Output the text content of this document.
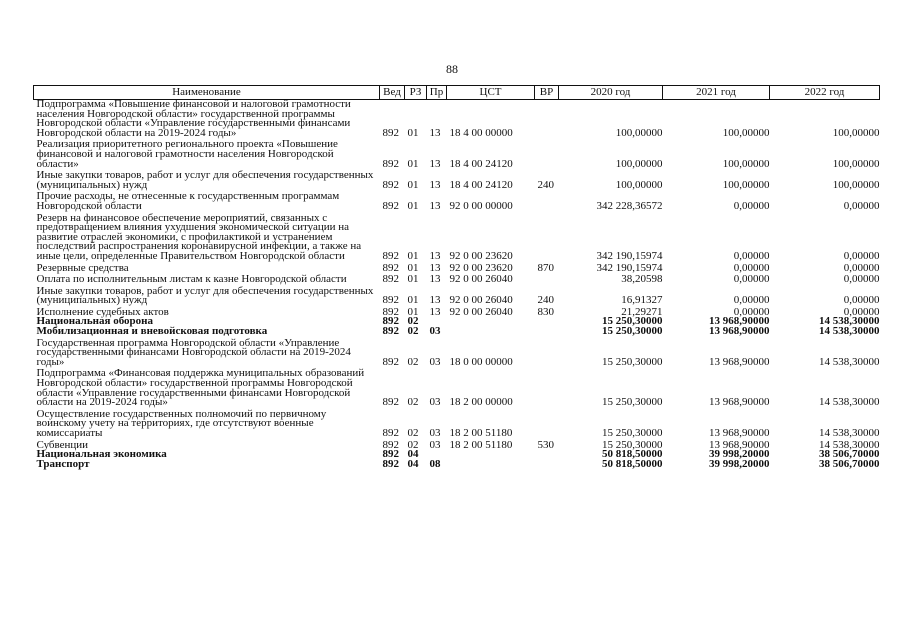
88
Наименование	Вед	РЗ	Пр	ЦСТ	ВР	2020 год	2021 год	2022 год
Подпрограмма «Повышение финансовой и налоговой грамотности населения Новгородской области» государственной программы Новгородской области «Управление государственными финансами Новгородской области на 2019-2024 годы»	892	01	13	18 4 00 00000		100,00000	100,00000	100,00000
Реализация приоритетного регионального проекта «Повышение финансовой и налоговой грамотности населения Новгородской области»	892	01	13	18 4 00 24120		100,00000	100,00000	100,00000
Иные закупки товаров, работ и услуг для обеспечения государственных (муниципальных) нужд	892	01	13	18 4 00 24120	240	100,00000	100,00000	100,00000
Прочие расходы, не отнесенные к государственным программам Новгородской области	892	01	13	92 0 00 00000		342 228,36572	0,00000	0,00000
Резерв на финансовое обеспечение мероприятий, связанных с предотвращением влияния ухудшения экономической ситуации на развитие отраслей экономики, с профилактикой и устранением последствий распространения коронавирусной инфекции, а также на иные цели, определенные Правительством Новгородской области	892	01	13	92 0 00 23620		342 190,15974	0,00000	0,00000
Резервные средства	892	01	13	92 0 00 23620	870	342 190,15974	0,00000	0,00000
Оплата по исполнительным листам к казне Новгородской области	892	01	13	92 0 00 26040		38,20598	0,00000	0,00000
Иные закупки товаров, работ и услуг для обеспечения государственных (муниципальных) нужд	892	01	13	92 0 00 26040	240	16,91327	0,00000	0,00000
Исполнение судебных актов	892	01	13	92 0 00 26040	830	21,29271	0,00000	0,00000
Национальная оборона	892	02				15 250,30000	13 968,90000	14 538,30000
Мобилизационная и вневойсковая подготовка	892	02	03			15 250,30000	13 968,90000	14 538,30000
Государственная программа Новгородской области «Управление государственными финансами Новгородской области на 2019-2024 годы»	892	02	03	18 0 00 00000		15 250,30000	13 968,90000	14 538,30000
Подпрограмма «Финансовая поддержка муниципальных образований Новгородской области» государственной программы Новгородской области «Управление государственными финансами Новгородской области на 2019-2024 годы»	892	02	03	18 2 00 00000		15 250,30000	13 968,90000	14 538,30000
Осуществление государственных полномочий по первичному воинскому учету на территориях, где отсутствуют военные комиссариаты	892	02	03	18 2 00 51180		15 250,30000	13 968,90000	14 538,30000
Субвенции	892	02	03	18 2 00 51180	530	15 250,30000	13 968,90000	14 538,30000
Национальная экономика	892	04				50 818,50000	39 998,20000	38 506,70000
Транспорт	892	04	08			50 818,50000	39 998,20000	38 506,70000
